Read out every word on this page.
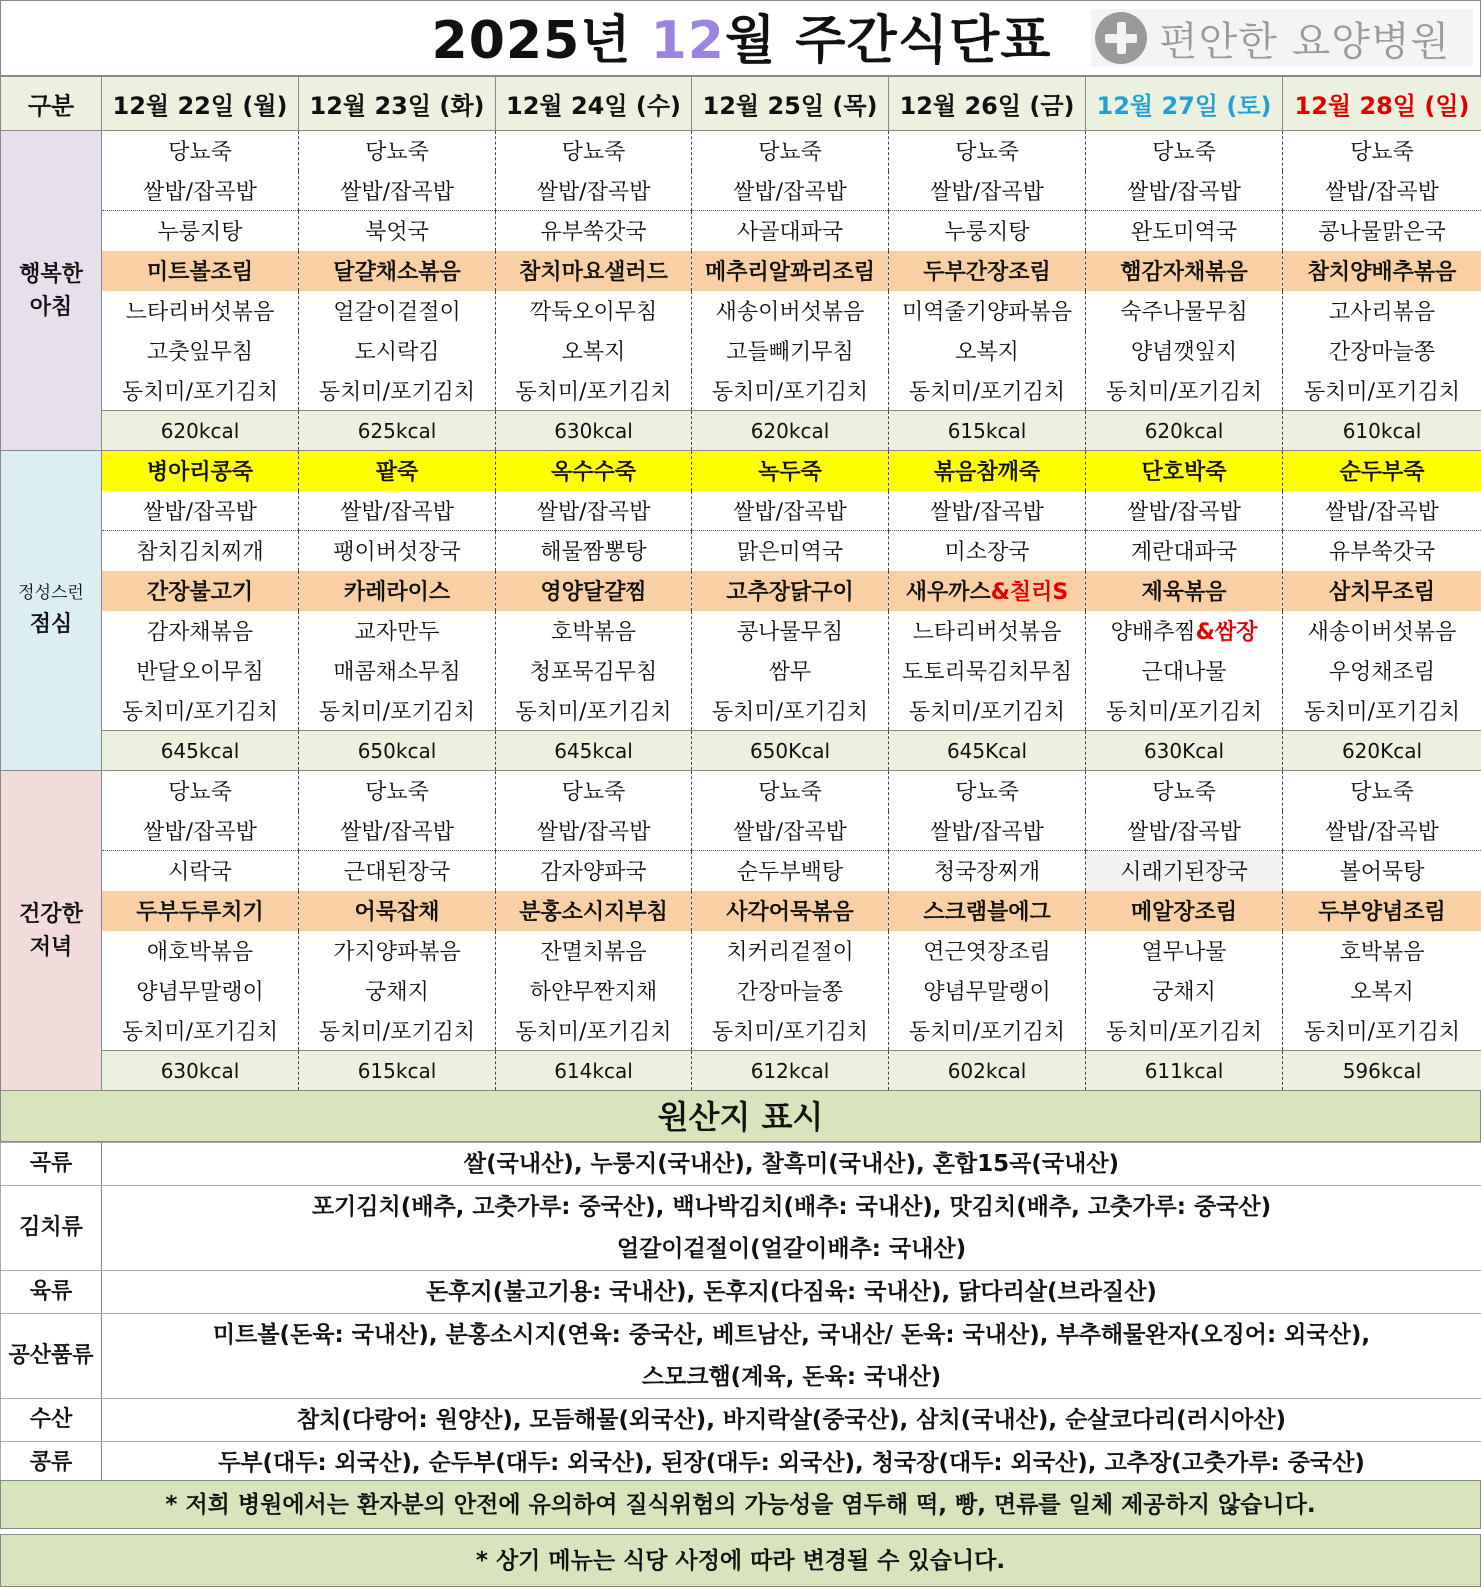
2025년 12월 주간식단표	편안한 요양병원
구분	12월 22일 (월)	12월 23일 (화)	12월 24일 (수)	12월 25일 (목)	12월 26일 (금)	12월 27일 (토)	12월 28일 (일)
행복한
아침	당뇨죽	당뇨죽	당뇨죽	당뇨죽	당뇨죽	당뇨죽	당뇨죽
	쌀밥/잡곡밥	쌀밥/잡곡밥	쌀밥/잡곡밥	쌀밥/잡곡밥	쌀밥/잡곡밥	쌀밥/잡곡밥	쌀밥/잡곡밥
	누룽지탕	북엇국	유부쑥갓국	사골대파국	누룽지탕	완도미역국	콩나물맑은국
	미트볼조림	달걀채소볶음	참치마요샐러드	메추리알꽈리조림	두부간장조림	햄감자채볶음	참치양배추볶음
	느타리버섯볶음	얼갈이겉절이	깍둑오이무침	새송이버섯볶음	미역줄기양파볶음	숙주나물무침	고사리볶음
	고춧잎무침	도시락김	오복지	고들빼기무침	오복지	양념깻잎지	간장마늘쫑
	동치미/포기김치	동치미/포기김치	동치미/포기김치	동치미/포기김치	동치미/포기김치	동치미/포기김치	동치미/포기김치
	620kcal	625kcal	630kcal	620kcal	615kcal	620kcal	610kcal

정성스런
점심	병아리콩죽	팥죽	옥수수죽	녹두죽	볶음참깨죽	단호박죽	순두부죽
	쌀밥/잡곡밥	쌀밥/잡곡밥	쌀밥/잡곡밥	쌀밥/잡곡밥	쌀밥/잡곡밥	쌀밥/잡곡밥	쌀밥/잡곡밥
	참치김치찌개	팽이버섯장국	해물짬뽕탕	맑은미역국	미소장국	계란대파국	유부쑥갓국
	간장불고기	카레라이스	영양달걀찜	고추장닭구이	새우까스&칠리S	제육볶음	삼치무조림
	감자채볶음	교자만두	호박볶음	콩나물무침	느타리버섯볶음	양배추찜&쌈장	새송이버섯볶음
	반달오이무침	매콤채소무침	청포묵김무침	쌈무	도토리묵김치무침	근대나물	우엉채조림
	동치미/포기김치	동치미/포기김치	동치미/포기김치	동치미/포기김치	동치미/포기김치	동치미/포기김치	동치미/포기김치
	645kcal	650kcal	645kcal	650Kcal	645Kcal	630Kcal	620Kcal
건강한
저녁	당뇨죽	당뇨죽	당뇨죽	당뇨죽	당뇨죽	당뇨죽	당뇨죽
	쌀밥/잡곡밥	쌀밥/잡곡밥	쌀밥/잡곡밥	쌀밥/잡곡밥	쌀밥/잡곡밥	쌀밥/잡곡밥	쌀밥/잡곡밥
	시락국	근대된장국	감자양파국	순두부백탕	청국장찌개	시래기된장국	볼어묵탕
	두부두루치기	어묵잡채	분홍소시지부침	사각어묵볶음	스크램블에그	메알장조림	두부양념조림
	애호박볶음	가지양파볶음	잔멸치볶음	치커리겉절이	연근엿장조림	열무나물	호박볶음
	양념무말랭이	궁채지	하얀무짠지채	간장마늘쫑	양념무말랭이	궁채지	오복지
	동치미/포기김치	동치미/포기김치	동치미/포기김치	동치미/포기김치	동치미/포기김치	동치미/포기김치	동치미/포기김치
	630kcal	615kcal	614kcal	612kcal	602kcal	611kcal	596kcal
원산지 표시
곡류	쌀(국내산), 누룽지(국내산), 찰흑미(국내산), 혼합15곡(국내산)
김치류	포기김치(배추, 고춧가루: 중국산), 백나박김치(배추: 국내산), 맛김치(배추, 고춧가루: 중국산)
얼갈이겉절이(얼갈이배추: 국내산)

육류	돈후지(불고기용: 국내산), 돈후지(다짐육: 국내산), 닭다리살(브라질산)
공산품류	미트볼(돈육: 국내산), 분홍소시지(연육: 중국산, 베트남산, 국내산/ 돈육: 국내산), 부추해물완자(오징어: 외국산),
스모크햄(계육, 돈육: 국내산)

수산	참치(다랑어: 원양산), 모듬해물(외국산), 바지락살(중국산), 삼치(국내산), 순살코다리(러시아산)
콩류	두부(대두: 외국산), 순두부(대두: 외국산), 된장(대두: 외국산), 청국장(대두: 외국산), 고추장(고춧가루: 중국산)
* 저희 병원에서는 환자분의 안전에 유의하여 질식위험의 가능성을 염두해 떡, 빵, 면류를 일체 제공하지 않습니다.
* 상기 메뉴는 식당 사정에 따라 변경될 수 있습니다.
